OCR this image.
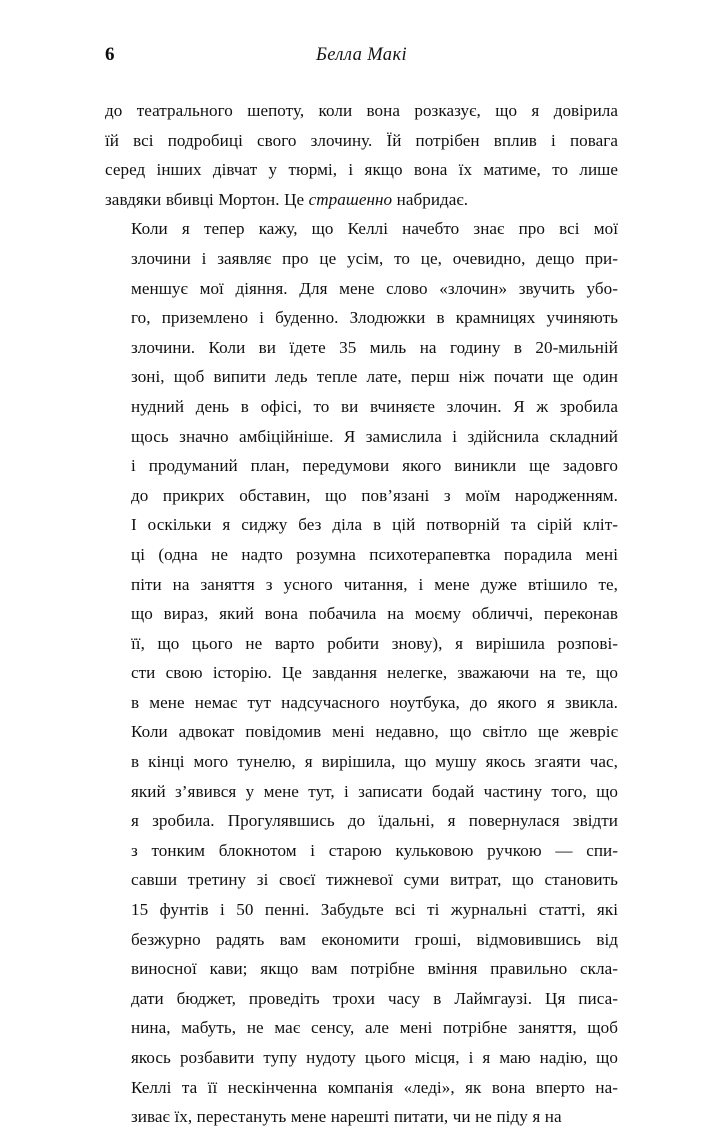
6	Белла Макі

до театрального шепоту, коли вона розказує, що я довірила
їй всі подробиці свого злочину. Їй потрібен вплив і повага
серед інших дівчат у тюрмі, і якщо вона їх матиме, то лише
завдяки вбивці Мортон. Це страшенно набридає.

Коли я тепер кажу, що Келлі начебто знає про всі мої
злочини і заявляє про це усім, то це, очевидно, дещо при-
меншує мої діяння. Для мене слово «злочин» звучить убо-
го, приземлено і буденно. Злодюжки в крамницях учиняють
злочини. Коли ви їдете 35 миль на годину в 20-мильній
зоні, щоб випити ледь тепле лате, перш ніж почати ще один
нудний день в офісі, то ви вчиняєте злочин. Я ж зробила
щось значно амбіційніше. Я замислила і здійснила складний
і продуманий план, передумови якого виникли ще задовго
до прикрих обставин, що пов’язані з моїм народженням.
І оскільки я сиджу без діла в цій потворній та сірій кліт-
ці (одна не надто розумна психотерапевтка порадила мені
піти на заняття з усного читання, і мене дуже втішило те,
що вираз, який вона побачила на моєму обличчі, переконав
її, що цього не варто робити знову), я вирішила розпові-
сти свою історію. Це завдання нелегке, зважаючи на те, що
в мене немає тут надсучасного ноутбука, до якого я звикла.
Коли адвокат повідомив мені недавно, що світло ще жевріє
в кінці мого тунелю, я вирішила, що мушу якось згаяти час,
який з’явився у мене тут, і записати бодай частину того, що
я зробила. Прогулявшись до їдальні, я повернулася звідти
з тонким блокнотом і старою кульковою ручкою — спи-
савши третину зі своєї тижневої суми витрат, що становить
15 фунтів і 50 пенні. Забудьте всі ті журнальні статті, які
безжурно радять вам економити гроші, відмовившись від
виносної кави; якщо вам потрібне вміння правильно скла-
дати бюджет, проведіть трохи часу в Лаймгаузі. Ця писа-
нина, мабуть, не має сенсу, але мені потрібне заняття, щоб
якось розбавити тупу нудоту цього місця, і я маю надію, що
Келлі та її нескінченна компанія «леді», як вона вперто на-
зиває їх, перестануть мене нарешті питати, чи не піду я на
